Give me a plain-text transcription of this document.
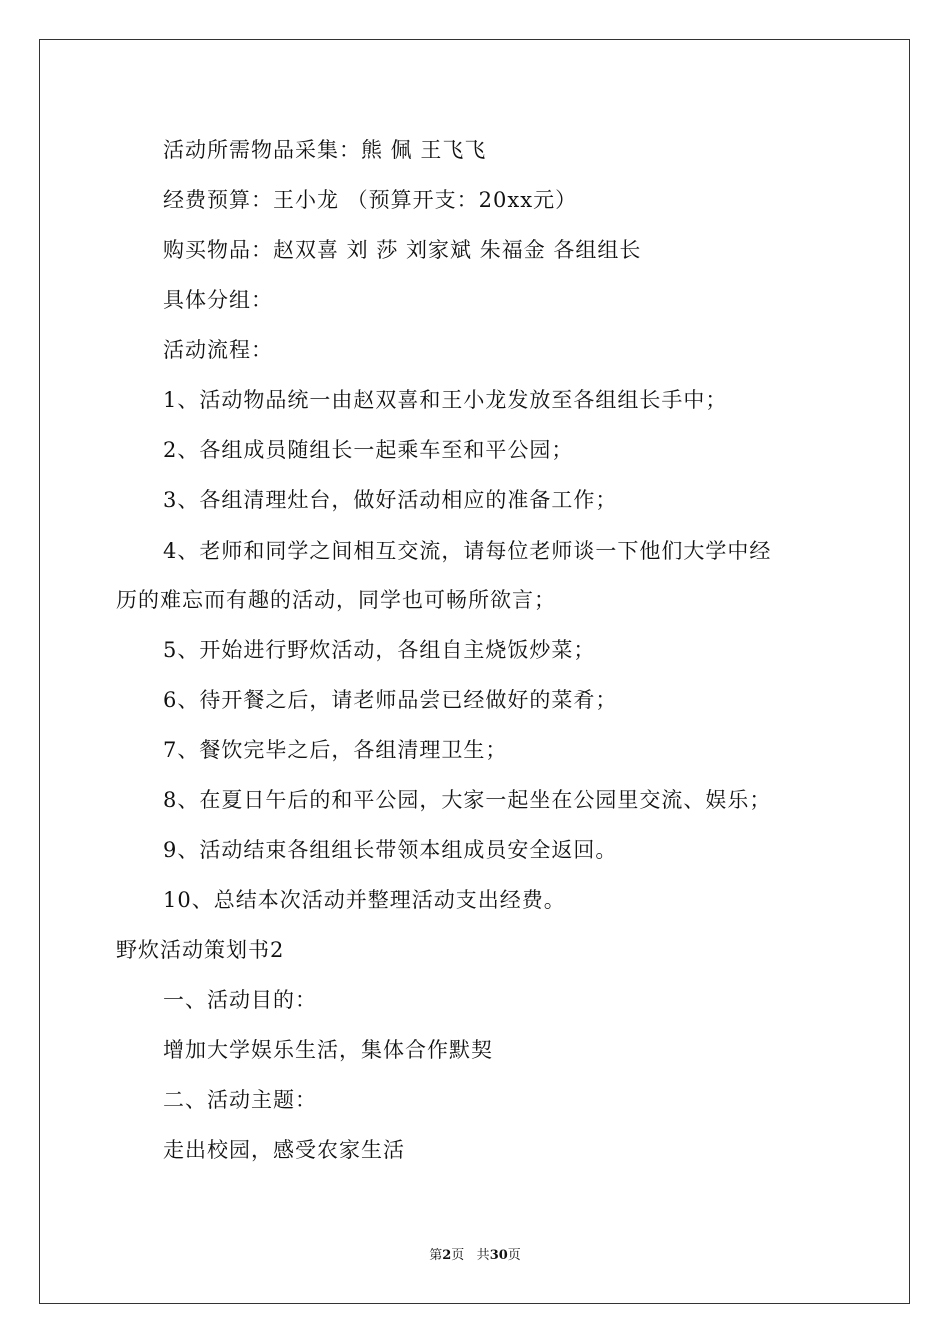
活动所需物品采集：熊 佩 王飞飞
经费预算：王小龙 （预算开支：20xx元）
购买物品：赵双喜 刘 莎 刘家斌 朱福金 各组组长
具体分组：
活动流程：
1、活动物品统一由赵双喜和王小龙发放至各组组长手中；
2、各组成员随组长一起乘车至和平公园；
3、各组清理灶台，做好活动相应的准备工作；
4、老师和同学之间相互交流，请每位老师谈一下他们大学中经
历的难忘而有趣的活动，同学也可畅所欲言；
5、开始进行野炊活动，各组自主烧饭炒菜；
6、待开餐之后，请老师品尝已经做好的菜肴；
7、餐饮完毕之后，各组清理卫生；
8、在夏日午后的和平公园，大家一起坐在公园里交流、娱乐；
9、活动结束各组组长带领本组成员安全返回。
10、总结本次活动并整理活动支出经费。
野炊活动策划书2
一、活动目的：
增加大学娱乐生活，集体合作默契
二、活动主题：
走出校园，感受农家生活
第2页 共30页
